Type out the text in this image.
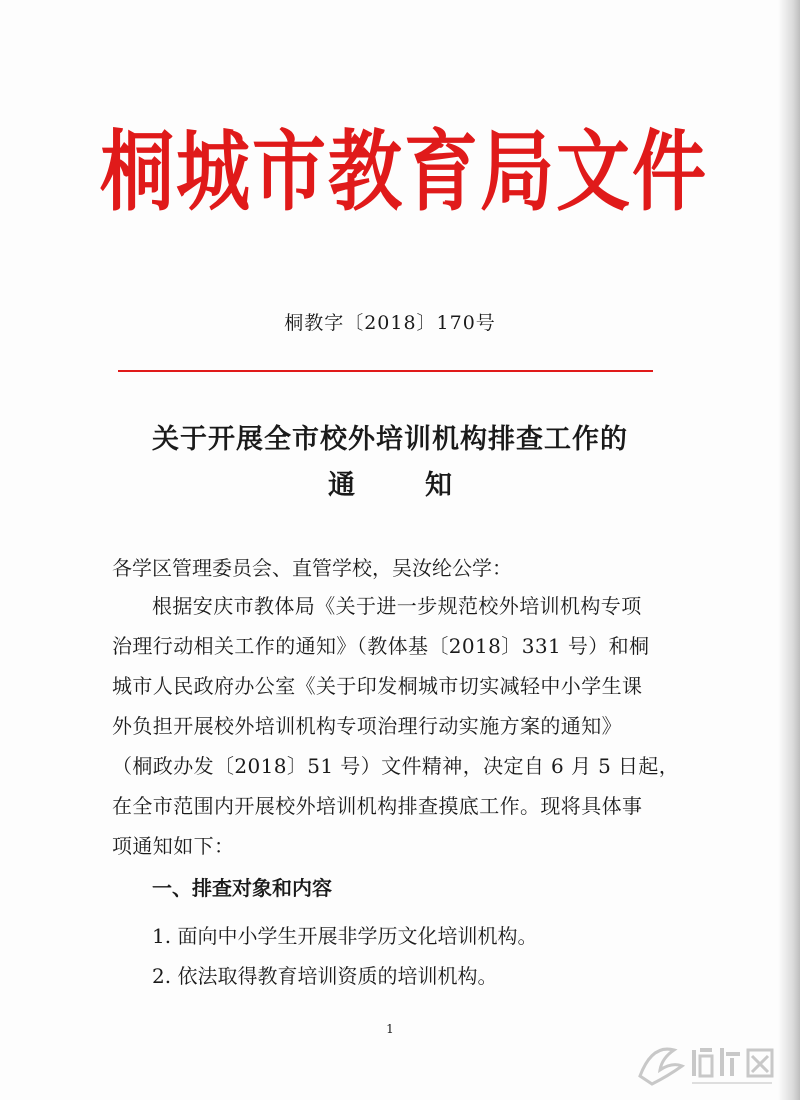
桐城市教育局文件
桐教字〔2018〕170号
关于开展全市校外培训机构排查工作的
通	知
各学区管理委员会、直管学校，吴汝纶公学：
根据安庆市教体局《关于进一步规范校外培训机构专项
治理行动相关工作的通知》（教体基〔2018〕331 号）和桐
城市人民政府办公室《关于印发桐城市切实减轻中小学生课
外负担开展校外培训机构专项治理行动实施方案的通知》
（桐政办发〔2018〕51 号）文件精神，决定自 6 月 5 日起，
在全市范围内开展校外培训机构排查摸底工作。现将具体事
项通知如下：
一、排查对象和内容
1. 面向中小学生开展非学历文化培训机构。
2. 依法取得教育培训资质的培训机构。
1
